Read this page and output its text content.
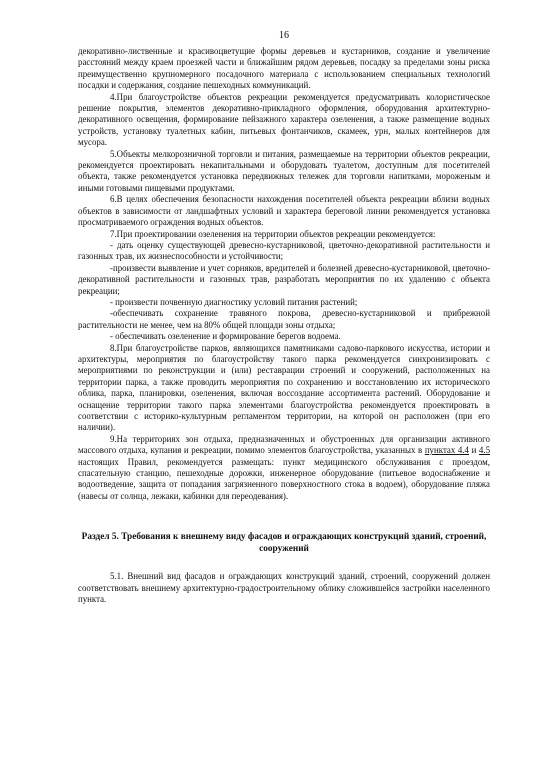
16

декоративно-лиственные и красивоцветущие формы деревьев и кустарников, создание и увеличение расстояний между краем проезжей части и ближайшим рядом деревьев, посадку за пределами зоны риска преимущественно крупномерного посадочного материала с использованием специальных технологий посадки и содержания, создание пешеходных коммуникаций.

4.При благоустройстве объектов рекреации рекомендуется предусматривать колористическое решение покрытия, элементов декоративно-прикладного оформления, оборудования архитектурно-декоративного освещения, формирование пейзажного характера озеленения, а также размещение водных устройств, установку туалетных кабин, питьевых фонтанчиков, скамеек, урн, малых контейнеров для мусора.

5.Объекты мелкорозничной торговли и питания, размещаемые на территории объектов рекреации, рекомендуется проектировать некапитальными и оборудовать туалетом, доступным для посетителей объекта, также рекомендуется установка передвижных тележек для торговли напитками, мороженым и иными готовыми пищевыми продуктами.

6.В целях обеспечения безопасности нахождения посетителей объекта рекреации вблизи водных объектов в зависимости от ландшафтных условий и характера береговой линии рекомендуется установка просматриваемого ограждения водных объектов.

7.При проектировании озеленения на территории объектов рекреации рекомендуется:

- дать оценку существующей древесно-кустарниковой, цветочно-декоративной растительности и газонных трав, их жизнеспособности и устойчивости;

-произвести выявление и учет сорняков, вредителей и болезней древесно-кустарниковой, цветочно-декоративной растительности и газонных трав, разработать мероприятия по их удалению с объекта рекреации;

- произвести почвенную диагностику условий питания растений;

-обеспечивать сохранение травяного покрова, древесно-кустарниковой и прибрежной растительности не менее, чем на 80% общей площади зоны отдыха;

- обеспечивать озеленение и формирование берегов водоема.

8.При благоустройстве парков, являющихся памятниками садово-паркового искусства, истории и архитектуры, мероприятия по благоустройству такого парка рекомендуется синхронизировать с мероприятиями по реконструкции и (или) реставрации строений и сооружений, расположенных на территории парка, а также проводить мероприятия по сохранению и восстановлению их исторического облика, парка, планировки, озеленения, включая воссоздание ассортимента растений. Оборудование и оснащение территории такого парка элементами благоустройства рекомендуется проектировать в соответствии с историко-культурным регламентом территории, на которой он расположен (при его наличии).

9.На территориях зон отдыха, предназначенных и обустроенных для организации активного массового отдыха, купания и рекреации, помимо элементов благоустройства, указанных в пунктах 4.4 и 4.5 настоящих Правил, рекомендуется размещать: пункт медицинского обслуживания с проездом, спасательную станцию, пешеходные дорожки, инженерное оборудование (питьевое водоснабжение и водоотведение, защита от попадания загрязненного поверхностного стока в водоем), оборудование пляжа (навесы от солнца, лежаки, кабинки для переодевания).

Раздел 5. Требования к внешнему виду фасадов и ограждающих конструкций зданий, строений, сооружений

5.1. Внешний вид фасадов и ограждающих конструкций зданий, строений, сооружений должен соответствовать внешнему архитектурно-градостроительному облику сложившейся застройки населенного пункта.
